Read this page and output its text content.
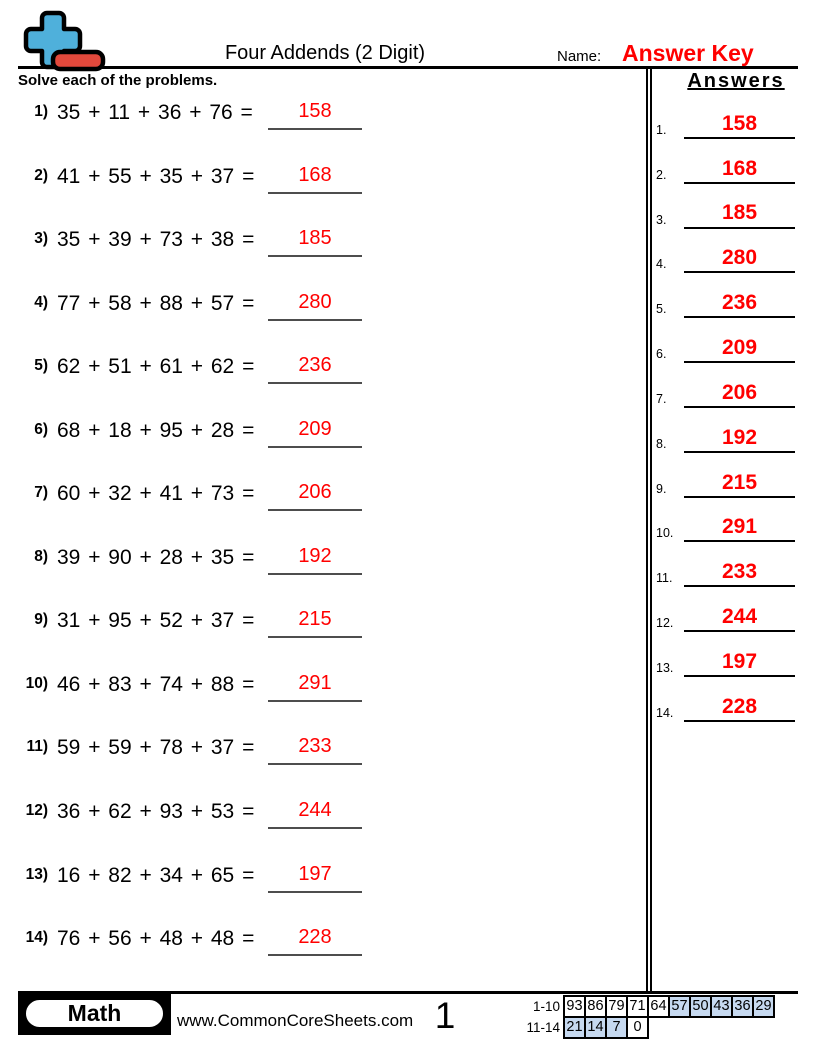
Four Addends (2 Digit)	Name: Answer Key
Solve each of the problems.	Answers
1.	158
2.	168
3.	185
4.	280
5.	236
6.	209
7.	206
8.	192
9.	215
10.	291
11.	233
12.	244
13.	197
14.	228
1) 35 + 11 + 36 + 76 =	158
2) 41 + 55 + 35 + 37 =	168
3) 35 + 39 + 73 + 38 =	185
4) 77 + 58 + 88 + 57 =	280
5) 62 + 51 + 61 + 62 =	236
6) 68 + 18 + 95 + 28 =	209
7) 60 + 32 + 41 + 73 =	206
8) 39 + 90 + 28 + 35 =	192
9) 31 + 95 + 52 + 37 =	215
10) 46 + 83 + 74 + 88 =	291
11) 59 + 59 + 78 + 37 =	233
12) 36 + 62 + 93 + 53 =	244
13) 16 + 82 + 34 + 65 =	197
14) 76 + 56 + 48 + 48 =	228
Math	www.CommonCoreSheets.com 1	1-10 93 86 79 71 64 57 50 43 36 29
11-14 21 14 7 0
